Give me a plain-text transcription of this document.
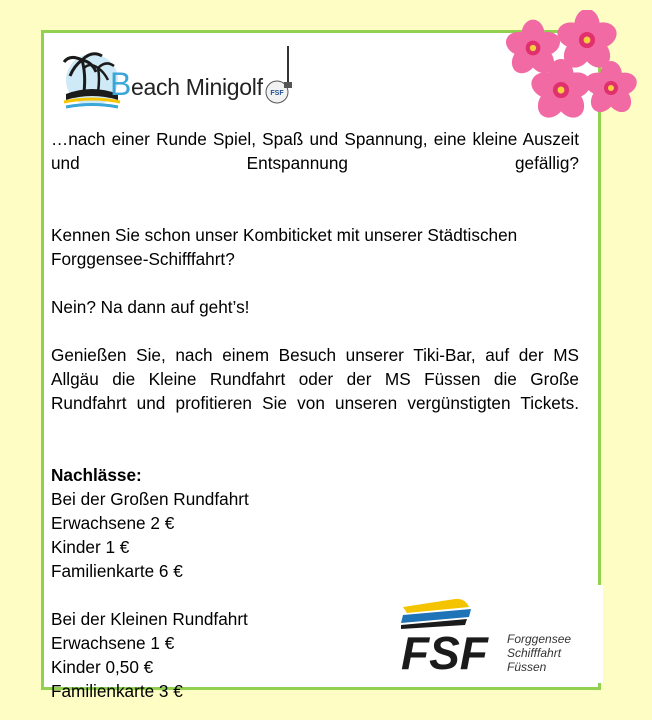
Beach Minigolf FSF

…nach einer Runde Spiel, Spaß und Spannung, eine kleine Auszeit und Entspannung gefällig?

Kennen Sie schon unser Kombiticket mit unserer Städtischen Forggensee-Schifffahrt?

Nein? Na dann auf geht’s!

Genießen Sie, nach einem Besuch unserer Tiki-Bar, auf der MS Allgäu die Kleine Rundfahrt oder der MS Füssen die Große Rundfahrt und profitieren Sie von unseren vergünstigten Tickets.

Nachlässe:
Bei der Großen Rundfahrt
Erwachsene 2 €
Kinder 1 €
Familienkarte 6 €
Bei der Kleinen Rundfahrt
Erwachsene 1 €
Kinder 0,50 €
Familienkarte 3 €
FSF Forggensee
Schifffahrt
Füssen
